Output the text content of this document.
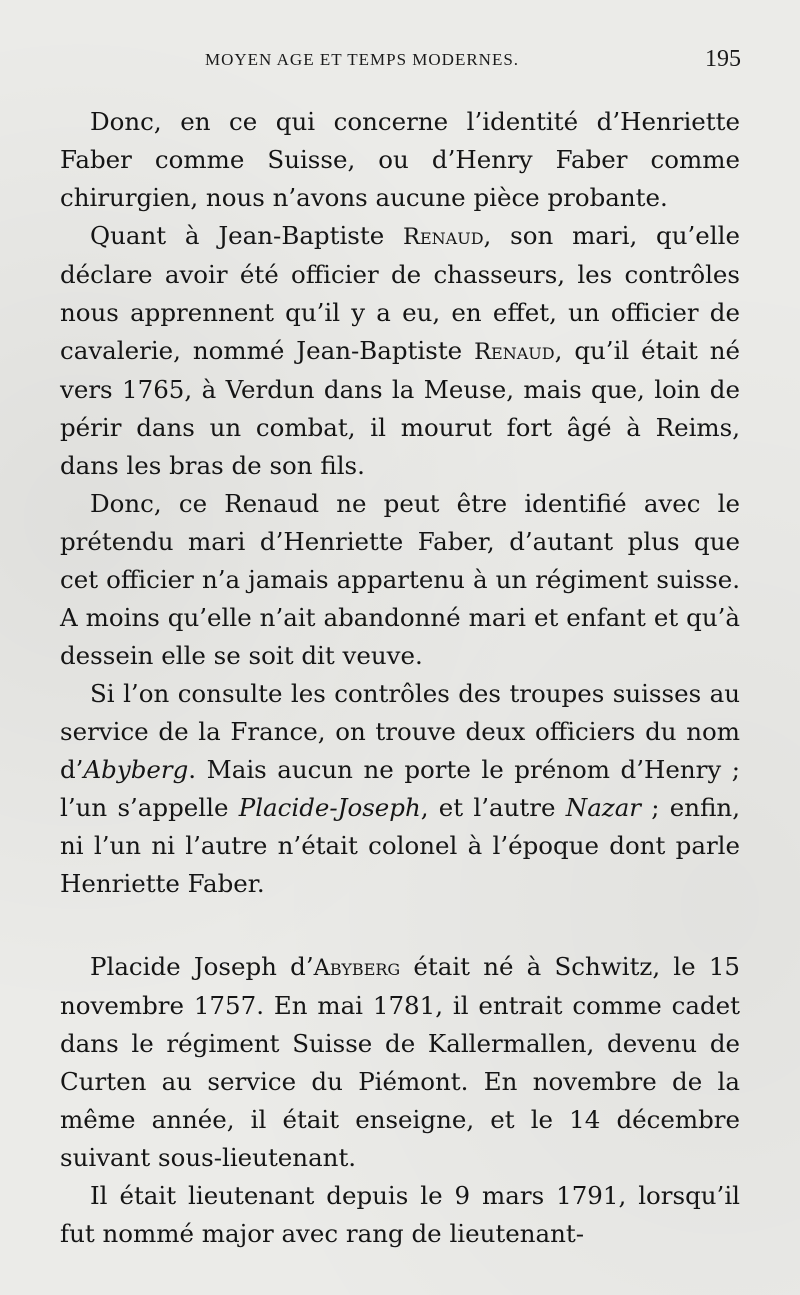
MOYEN AGE ET TEMPS MODERNES.	195

Donc, en ce qui concerne l’identité d’Henriette Faber comme Suisse, ou d’Henry Faber comme chirurgien, nous n’avons aucune pièce probante.

Quant à Jean-Baptiste Renaud, son mari, qu’elle déclare avoir été officier de chasseurs, les contrôles nous apprennent qu’il y a eu, en effet, un officier de cavalerie, nommé Jean-Baptiste Renaud, qu’il était né vers 1765, à Verdun dans la Meuse, mais que, loin de périr dans un combat, il mourut fort âgé à Reims, dans les bras de son fils.

Donc, ce Renaud ne peut être identifié avec le prétendu mari d’Henriette Faber, d’autant plus que cet officier n’a jamais appartenu à un régiment suisse. A moins qu’elle n’ait abandonné mari et enfant et qu’à dessein elle se soit dit veuve.

Si l’on consulte les contrôles des troupes suisses au service de la France, on trouve deux officiers du nom d’Abyberg. Mais aucun ne porte le prénom d’Henry ; l’un s’appelle Placide-Joseph, et l’autre Nazar ; enfin, ni l’un ni l’autre n’était colonel à l’époque dont parle Henriette Faber.

Placide Joseph d’Abyberg était né à Schwitz, le 15 novembre 1757. En mai 1781, il entrait comme cadet dans le régiment Suisse de Kallermallen, devenu de Curten au service du Piémont. En novembre de la même année, il était enseigne, et le 14 décembre suivant sous-lieutenant.

Il était lieutenant depuis le 9 mars 1791, lorsqu’il fut nommé major avec rang de lieutenant-
